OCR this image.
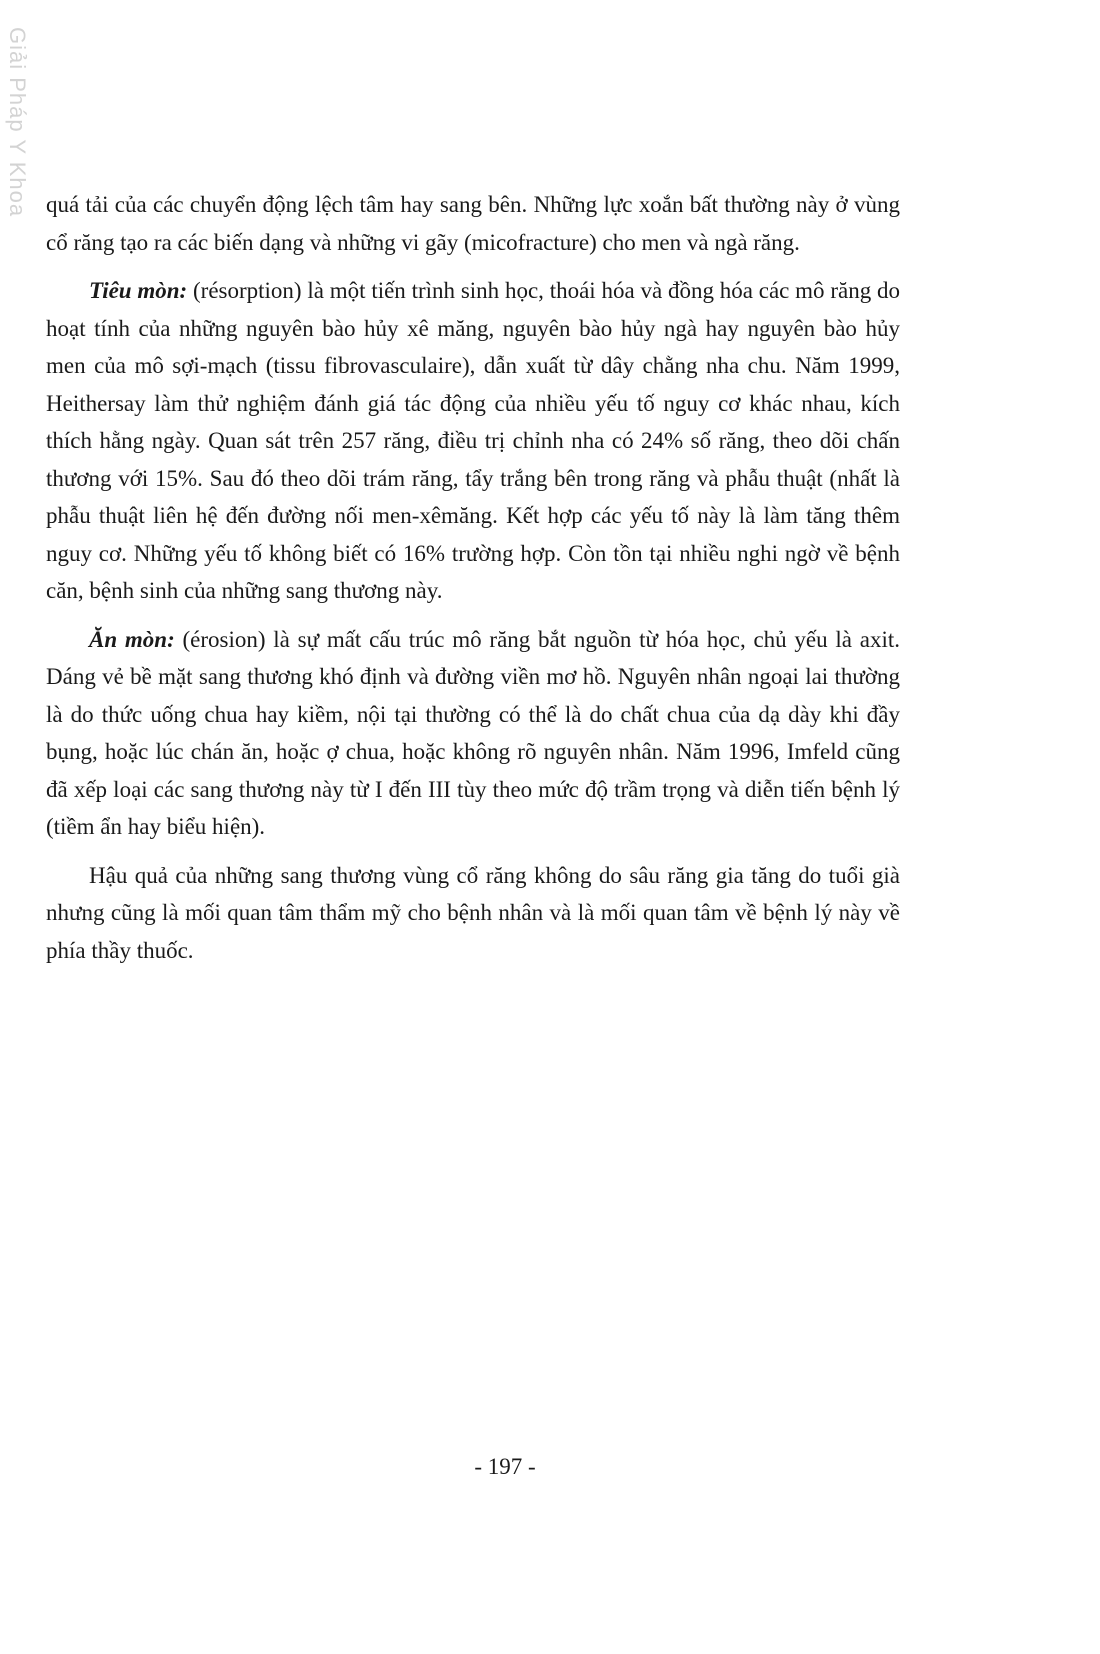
Giải Pháp Y Khoa quá tải của các chuyển động lệch tâm hay sang bên. Những lực xoắn bất thường này ở vùng cổ răng tạo ra các biến dạng và những vi gãy (micofracture) cho men và ngà răng.

Tiêu mòn: (résorption) là một tiến trình sinh học, thoái hóa và đồng hóa các mô răng do hoạt tính của những nguyên bào hủy xê măng, nguyên bào hủy ngà hay nguyên bào hủy men của mô sợi-mạch (tissu fibrovasculaire), dẫn xuất từ dây chằng nha chu. Năm 1999, Heithersay làm thử nghiệm đánh giá tác động của nhiều yếu tố nguy cơ khác nhau, kích thích hằng ngày. Quan sát trên 257 răng, điều trị chỉnh nha có 24% số răng, theo dõi chấn thương với 15%. Sau đó theo dõi trám răng, tẩy trắng bên trong răng và phẫu thuật (nhất là phẫu thuật liên hệ đến đường nối men-xêmăng. Kết hợp các yếu tố này là làm tăng thêm nguy cơ. Những yếu tố không biết có 16% trường hợp. Còn tồn tại nhiều nghi ngờ về bệnh căn, bệnh sinh của những sang thương này.

Ăn mòn: (érosion) là sự mất cấu trúc mô răng bắt nguồn từ hóa học, chủ yếu là axit. Dáng vẻ bề mặt sang thương khó định và đường viền mơ hồ. Nguyên nhân ngoại lai thường là do thức uống chua hay kiềm, nội tại thường có thể là do chất chua của dạ dày khi đầy bụng, hoặc lúc chán ăn, hoặc ợ chua, hoặc không rõ nguyên nhân. Năm 1996, Imfeld cũng đã xếp loại các sang thương này từ I đến III tùy theo mức độ trầm trọng và diễn tiến bệnh lý (tiềm ẩn hay biểu hiện).

Hậu quả của những sang thương vùng cổ răng không do sâu răng gia tăng do tuổi già nhưng cũng là mối quan tâm thẩm mỹ cho bệnh nhân và là mối quan tâm về bệnh lý này về phía thầy thuốc.

- 197 -
